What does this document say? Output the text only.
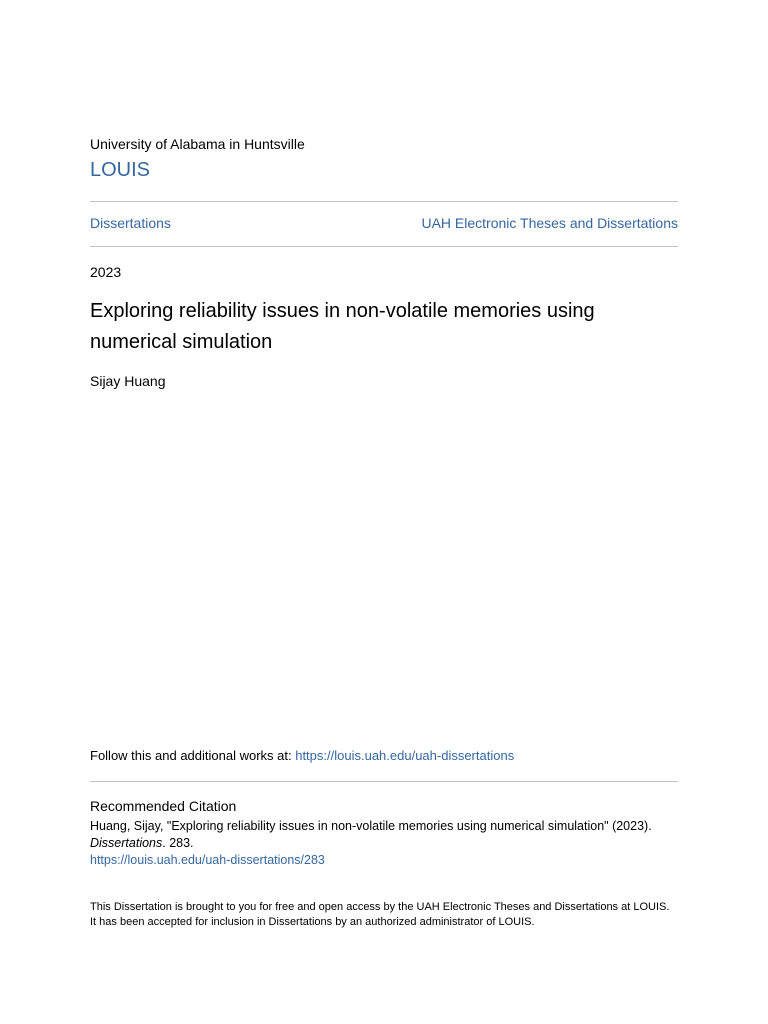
University of Alabama in Huntsville
LOUIS
Dissertations	UAH Electronic Theses and Dissertations
2023
Exploring reliability issues in non-volatile memories using numerical simulation
Sijay Huang
Follow this and additional works at: https://louis.uah.edu/uah-dissertations
Recommended Citation
Huang, Sijay, "Exploring reliability issues in non-volatile memories using numerical simulation" (2023).
Dissertations. 283.
https://louis.uah.edu/uah-dissertations/283
This Dissertation is brought to you for free and open access by the UAH Electronic Theses and Dissertations at LOUIS. It has been accepted for inclusion in Dissertations by an authorized administrator of LOUIS.
